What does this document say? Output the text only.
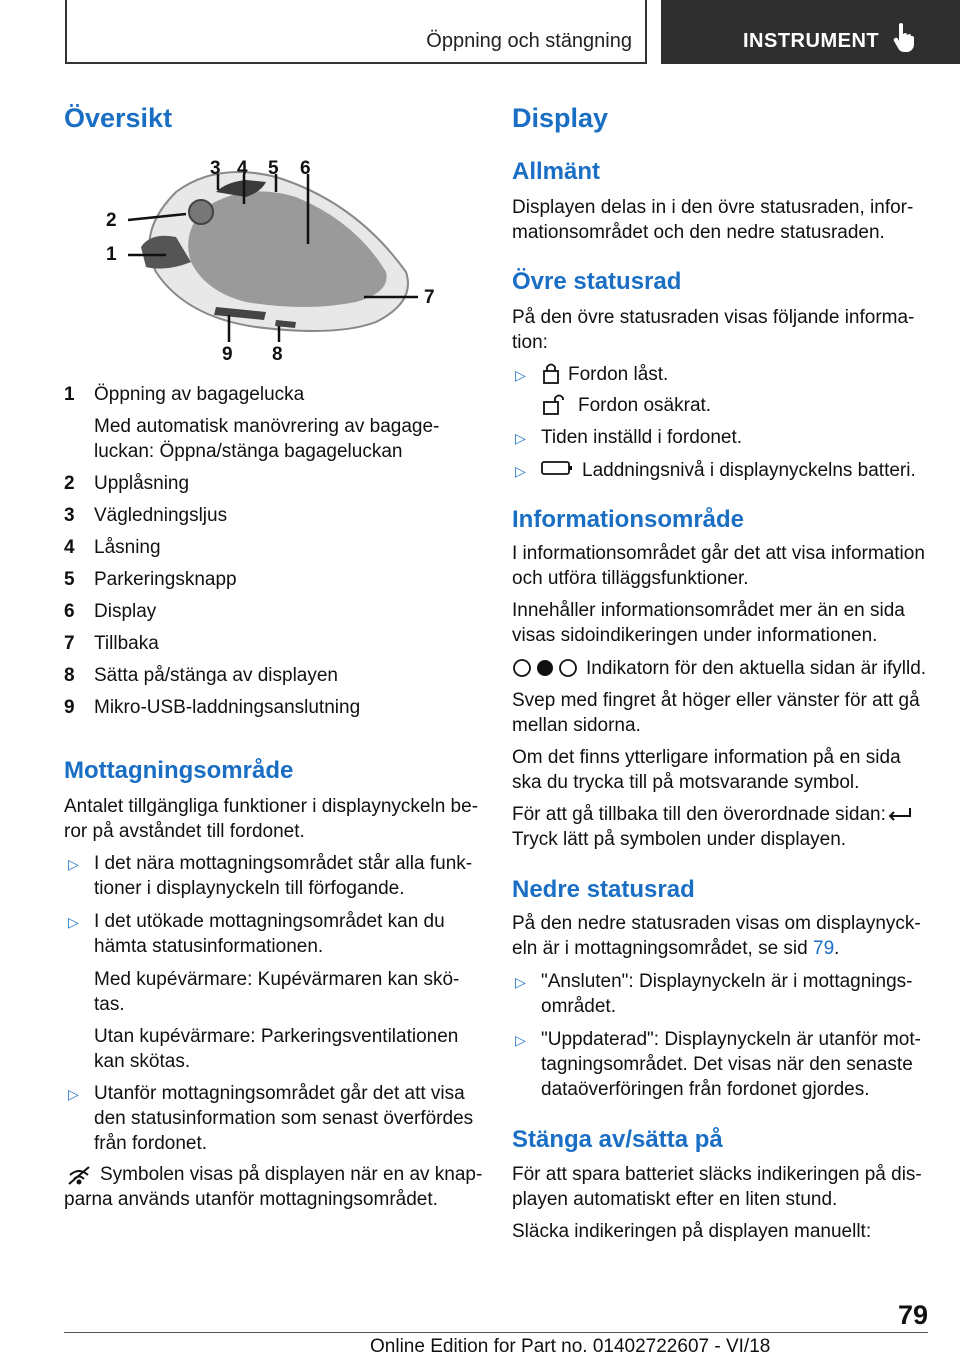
Öppning och stängning	INSTRUMENT
Översikt
3 4 5 6
2
1
7
8
9
1 Öppning av bagagelucka
Med automatisk manövrering av bagage-
luckan: Öppna/stänga bagageluckan
2 Upplåsning
3 Vägledningsljus
4 Låsning
5 Parkeringsknapp
6 Display
7 Tillbaka
8 Sätta på/stänga av displayen
9 Mikro-USB-laddningsanslutning
Mottagningsområde
Antalet tillgängliga funktioner i displaynyckeln be-
ror på avståndet till fordonet.
▷ I det nära mottagningsområdet står alla funk-
tioner i displaynyckeln till förfogande.
▷ I det utökade mottagningsområdet kan du
hämta statusinformationen.
Med kupévärmare: Kupévärmaren kan skö-
tas.
Utan kupévärmare: Parkeringsventilationen
kan skötas.
▷ Utanför mottagningsområdet går det att visa
den statusinformation som senast överfördes
från fordonet.
Symbolen visas på displayen när en av knap-
parna används utanför mottagningsområdet.
Display
Allmänt
Displayen delas in i den övre statusraden, infor-
mationsområdet och den nedre statusraden.
Övre statusrad
På den övre statusraden visas följande informa-
tion:
▷ Fordon låst.
Fordon osäkrat.
▷ Tiden inställd i fordonet.
▷	Laddningsnivå i displaynyckelns batteri.
Informationsområde
I informationsområdet går det att visa information
och utföra tilläggsfunktioner.
Innehåller informationsområdet mer än en sida
visas sidoindikeringen under informationen.
Indikatorn för den aktuella sidan är ifylld.
Svep med fingret åt höger eller vänster för att gå
mellan sidorna.
Om det finns ytterligare information på en sida
ska du trycka till på motsvarande symbol.
För att gå tillbaka till den överordnade sidan:
Tryck lätt på symbolen under displayen.
Nedre statusrad
På den nedre statusraden visas om displaynyck-
eln är i mottagningsområdet, se sid 79.
▷ "Ansluten": Displaynyckeln är i mottagnings-
området.
▷ "Uppdaterad": Displaynyckeln är utanför mot-
tagningsområdet. Det visas när den senaste
dataöverföringen från fordonet gjordes.
Stänga av/sätta på
För att spara batteriet släcks indikeringen på dis-
playen automatiskt efter en liten stund.
Släcka indikeringen på displayen manuellt:
79
Online Edition for Part no. 01402722607 - VI/18
